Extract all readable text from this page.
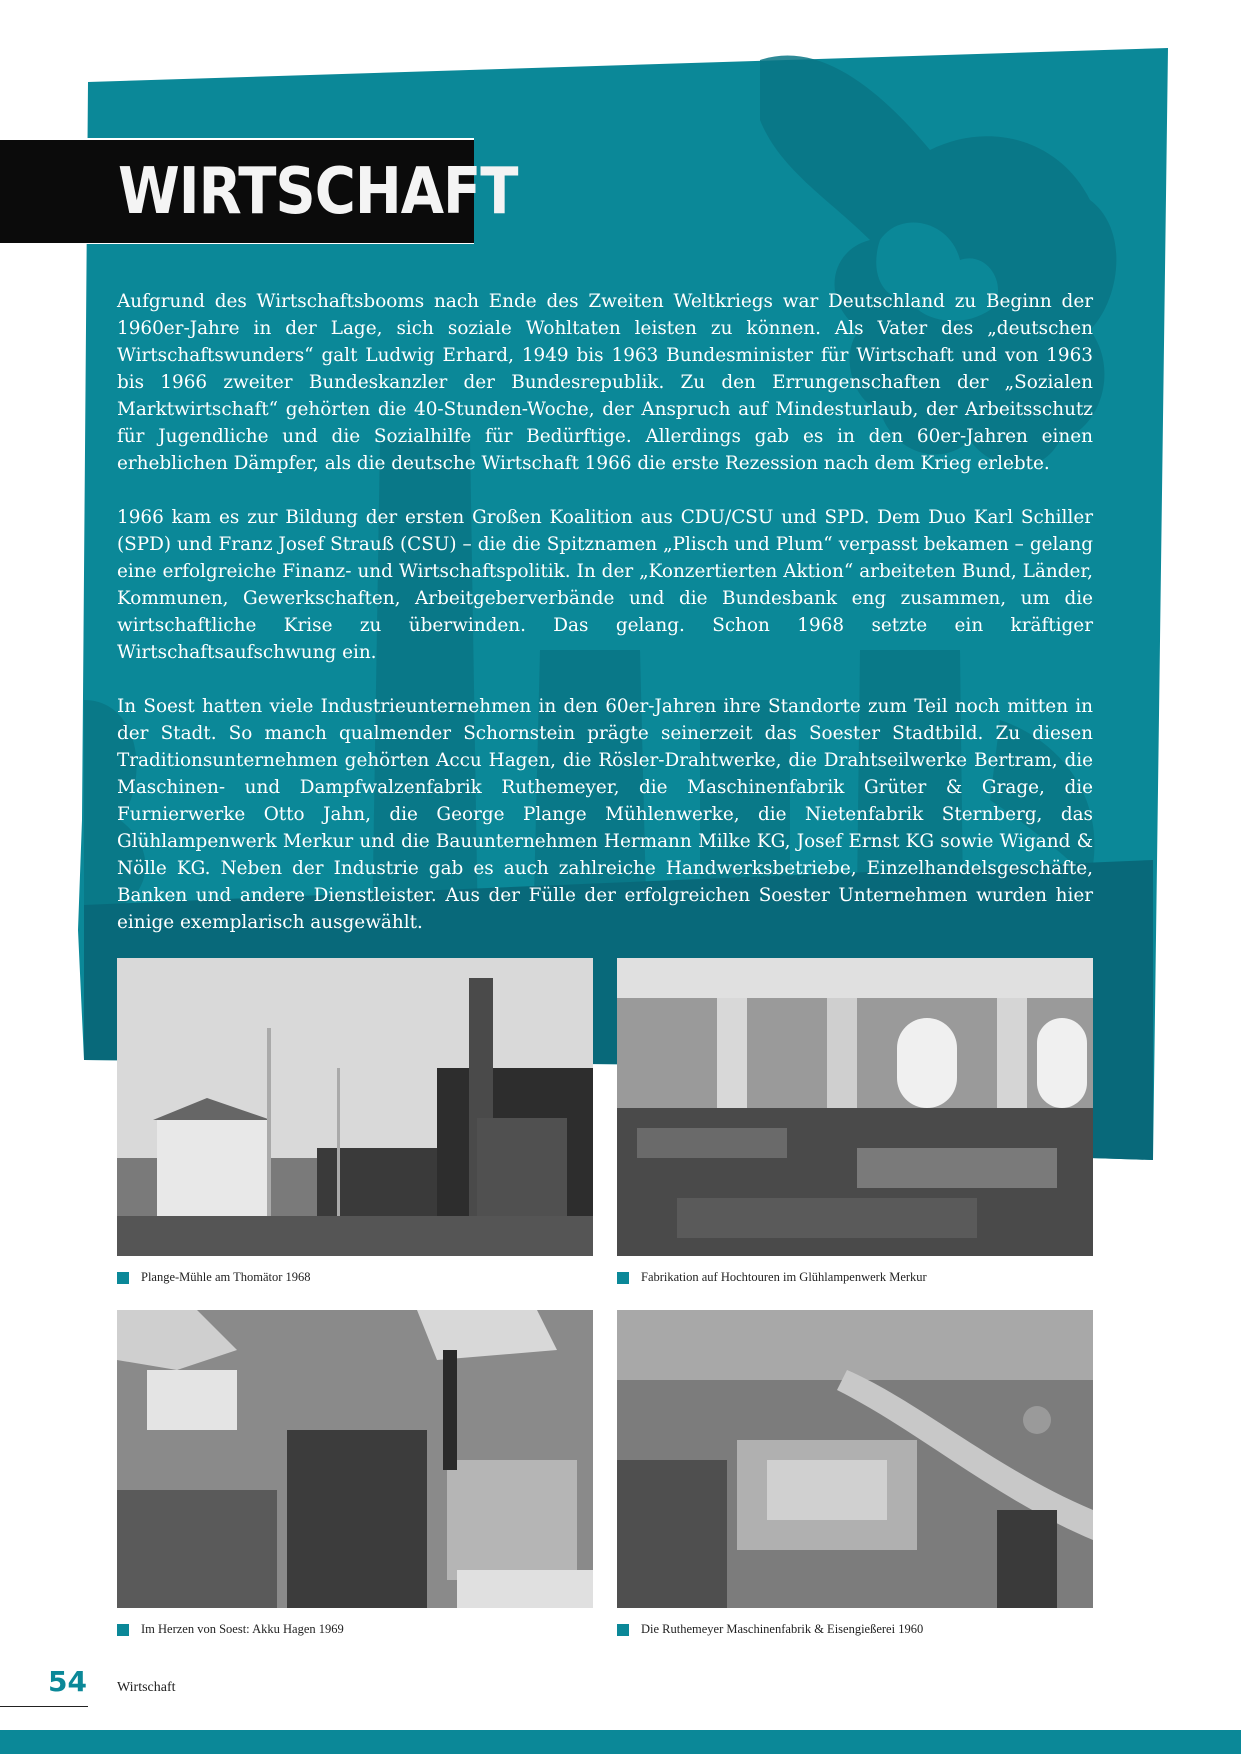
WIRTSCHAFT

Aufgrund des Wirtschaftsbooms nach Ende des Zweiten Weltkriegs war Deutschland zu Beginn der 1960er-Jahre in der Lage, sich soziale Wohltaten leisten zu können. Als Vater des „deutschen Wirtschaftswunders“ galt Ludwig Erhard, 1949 bis 1963 Bundesminister für Wirtschaft und von 1963 bis 1966 zweiter Bundeskanzler der Bundesrepublik. Zu den Errungenschaften der „Sozialen Marktwirtschaft“ gehörten die 40-Stunden-Woche, der Anspruch auf Mindesturlaub, der Arbeitsschutz für Jugendliche und die Sozialhilfe für Bedürftige. Allerdings gab es in den 60er-Jahren einen erheblichen Dämpfer, als die deutsche Wirtschaft 1966 die erste Rezession nach dem Krieg erlebte.

1966 kam es zur Bildung der ersten Großen Koalition aus CDU/CSU und SPD. Dem Duo Karl Schiller (SPD) und Franz Josef Strauß (CSU) – die die Spitznamen „Plisch und Plum“ verpasst bekamen – gelang eine erfolgreiche Finanz- und Wirtschaftspolitik. In der „Konzertierten Aktion“ arbeiteten Bund, Länder, Kommunen, Gewerkschaften, Arbeitgeberverbände und die Bundesbank eng zusammen, um die wirtschaftliche Krise zu überwinden. Das gelang. Schon 1968 setzte ein kräftiger Wirtschaftsaufschwung ein.

In Soest hatten viele Industrieunternehmen in den 60er-Jahren ihre Standorte zum Teil noch mitten in der Stadt. So manch qualmender Schornstein prägte seinerzeit das Soester Stadtbild. Zu diesen Traditionsunternehmen gehörten Accu Hagen, die Rösler-Drahtwerke, die Drahtseilwerke Bertram, die Maschinen- und Dampfwalzenfabrik Ruthemeyer, die Maschinenfabrik Grüter & Grage, die Furnierwerke Otto Jahn, die George Plange Mühlenwerke, die Nietenfabrik Sternberg, das Glühlampenwerk Merkur und die Bauunternehmen Hermann Milke KG, Josef Ernst KG sowie Wigand & Nölle KG. Neben der Industrie gab es auch zahlreiche Handwerksbetriebe, Einzelhandelsgeschäfte, Banken und andere Dienstleister. Aus der Fülle der erfolgreichen Soester Unternehmen wurden hier einige exemplarisch ausgewählt.

Plange-Mühle am Thomätor 1968	Fabrikation auf Hochtouren im Glühlampenwerk Merkur
Im Herzen von Soest: Akku Hagen 1969	Die Ruthemeyer Maschinenfabrik & Eisengießerei 1960
54 Wirtschaft
